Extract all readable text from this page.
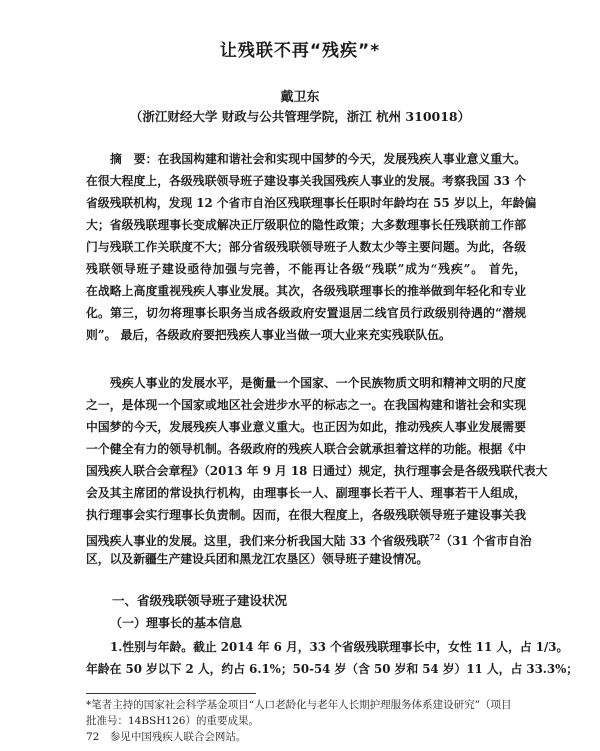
让残联不再“残疾”*
戴卫东
（浙江财经大学 财政与公共管理学院，浙江 杭州 310018）
摘　要：在我国构建和谐社会和实现中国梦的今天，发展残疾人事业意义重大。
在很大程度上，各级残联领导班子建设事关我国残疾人事业的发展。考察我国 33 个
省级残联机构，发现 12 个省市自治区残联理事长任职时年龄均在 55 岁以上，年龄偏
大；省级残联理事长变成解决正厅级职位的隐性政策；大多数理事长任残联前工作部
门与残联工作关联度不大；部分省级残联领导班子人数太少等主要问题。为此，各级
残联领导班子建设亟待加强与完善，不能再让各级“残联”成为“残疾”。 首先，
在战略上高度重视残疾人事业发展。其次，各级残联理事长的推举做到年轻化和专业
化。第三，切勿将理事长职务当成各级政府安置退居二线官员行政级别待遇的“潜规
则”。 最后，各级政府要把残疾人事业当做一项大业来充实残联队伍。
残疾人事业的发展水平，是衡量一个国家、一个民族物质文明和精神文明的尺度
之一，是体现一个国家或地区社会进步水平的标志之一。在我国构建和谐社会和实现
中国梦的今天，发展残疾人事业意义重大。也正因为如此，推动残疾人事业发展需要
一个健全有力的领导机制。各级政府的残疾人联合会就承担着这样的功能。根据《中
国残疾人联合会章程》（2013 年 9 月 18 日通过）规定，执行理事会是各级残联代表大
会及其主席团的常设执行机构，由理事长一人、副理事长若干人、理事若干人组成，
执行理事会实行理事长负责制。因而，在很大程度上，各级残联领导班子建设事关我
国残疾人事业的发展。这里，我们来分析我国大陆 33 个省级残联$^{72}$（31 个省市自治
区，以及新疆生产建设兵团和黑龙江农垦区）领导班子建设情况。
一、省级残联领导班子建设状况
（一）理事长的基本信息
1.性别与年龄。截止 2014 年 6 月，33 个省级残联理事长中，女性 11 人，占 1/3。
年龄在 50 岁以下 2 人，约占 6.1%；50-54 岁（含 50 岁和 54 岁）11 人，占 33.3%；
*笔者主持的国家社会科学基金项目“人口老龄化与老年人长期护理服务体系建设研究”（项目
批准号：14BSH126）的重要成果。
72　参见中国残疾人联合会网站。
